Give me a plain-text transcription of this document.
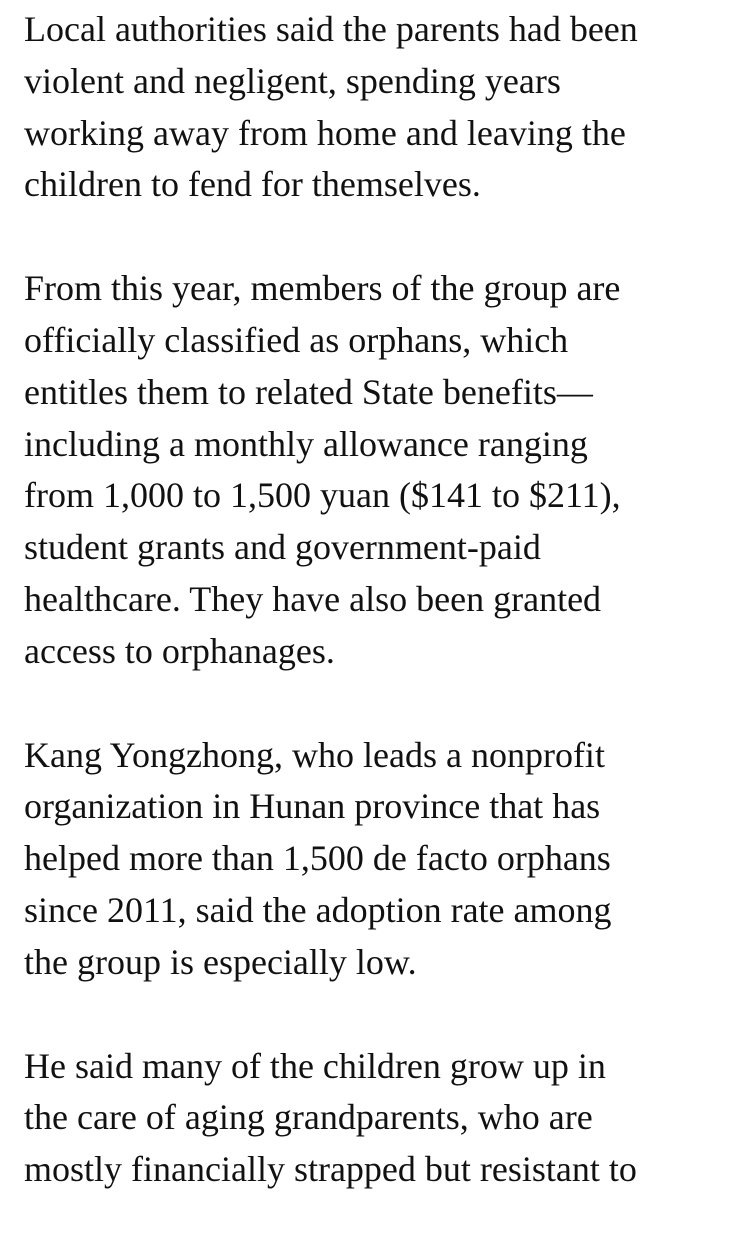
Local authorities said the parents had been
violent and negligent, spending years
working away from home and leaving the
children to fend for themselves.

From this year, members of the group are
officially classified as orphans, which
entitles them to related State benefits—
including a monthly allowance ranging
from 1,000 to 1,500 yuan ($141 to $211),
student grants and government-paid
healthcare. They have also been granted
access to orphanages.

Kang Yongzhong, who leads a nonprofit
organization in Hunan province that has
helped more than 1,500 de facto orphans
since 2011, said the adoption rate among
the group is especially low.

He said many of the children grow up in
the care of aging grandparents, who are
mostly financially strapped but resistant to
